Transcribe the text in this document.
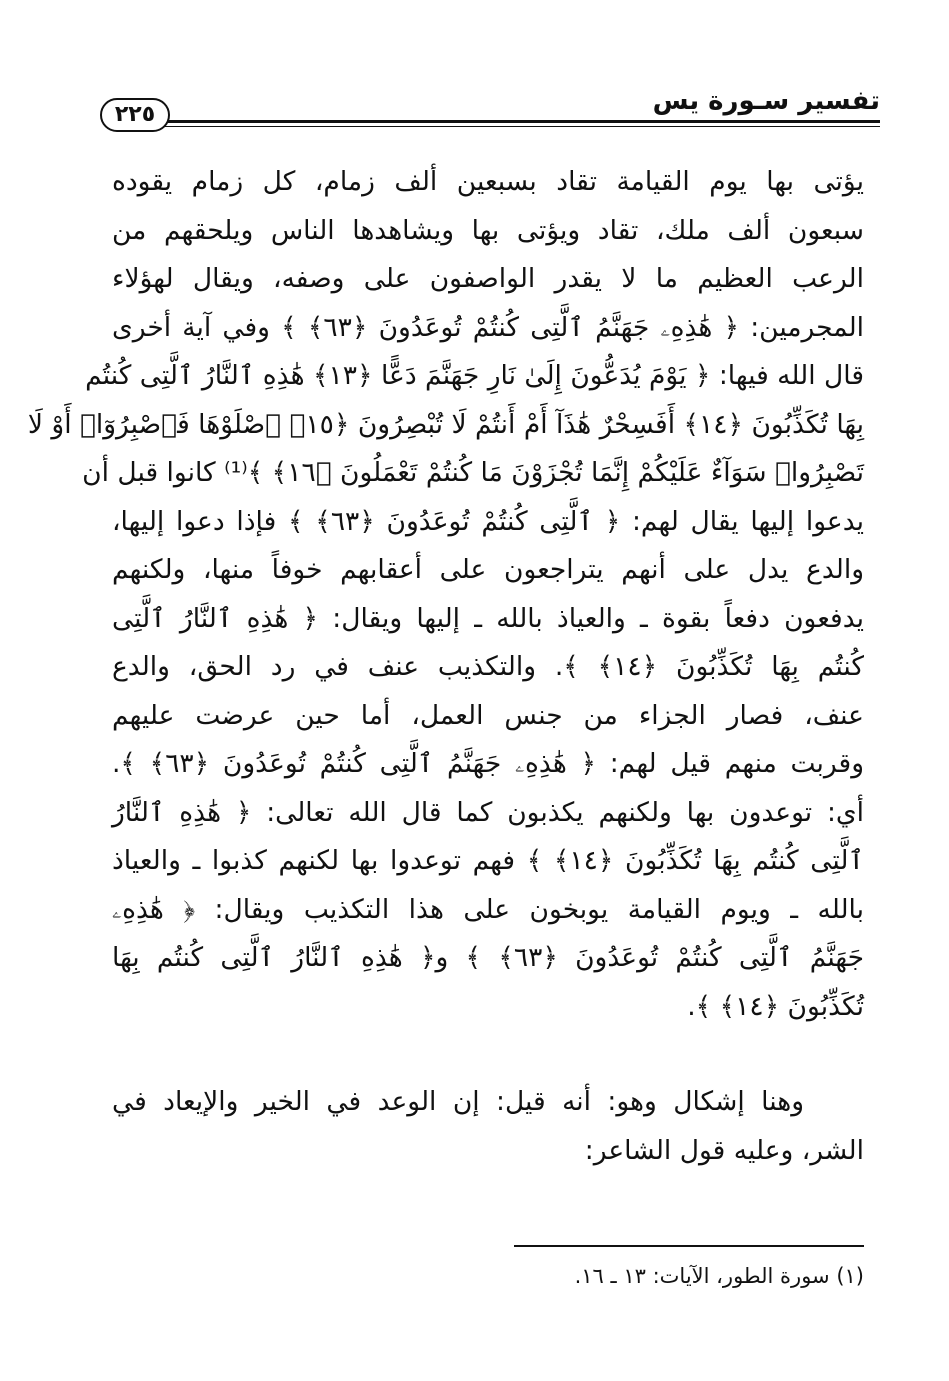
تفسير سـورة يس
٢٢٥
يؤتى بها يوم القيامة تقاد بسبعين ألف زمام، كل زمام يقوده
سبعون ألف ملك، تقاد ويؤتى بها ويشاهدها الناس ويلحقهم من
الرعب العظيم ما لا يقدر الواصفون على وصفه، ويقال لهؤلاء
المجرمين: ﴿ هَٰذِهِۦ جَهَنَّمُ ٱلَّتِى كُنتُمْ تُوعَدُونَ ﴿٦٣﴾ ﴾ وفي آية أخرى
قال الله فيها: ﴿ يَوْمَ يُدَعُّونَ إِلَىٰ نَارِ جَهَنَّمَ دَعًّا ﴿١٣﴾ هَٰذِهِ ٱلنَّارُ ٱلَّتِى كُنتُم
بِهَا تُكَذِّبُونَ ﴿١٤﴾ أَفَسِحْرٌ هَٰذَآ أَمْ أَنتُمْ لَا تُبْصِرُونَ ﴿١٥﴾ ٱصْلَوْهَا فَٱصْبِرُوٓا۟ أَوْ لَا
تَصْبِرُوا۟ سَوَآءٌ عَلَيْكُمْ إِنَّمَا تُجْزَوْنَ مَا كُنتُمْ تَعْمَلُونَ ﴿١٦﴾ ﴾⁽¹⁾ كانوا قبل أن
يدعوا إليها يقال لهم: ﴿ ٱلَّتِى كُنتُمْ تُوعَدُونَ ﴿٦٣﴾ ﴾ فإذا دعوا إليها،
والدع يدل على أنهم يتراجعون على أعقابهم خوفاً منها، ولكنهم
يدفعون دفعاً بقوة ـ والعياذ بالله ـ إليها ويقال: ﴿ هَٰذِهِ ٱلنَّارُ ٱلَّتِى
كُنتُم بِهَا تُكَذِّبُونَ ﴿١٤﴾ ﴾. والتكذيب عنف في رد الحق، والدع
عنف، فصار الجزاء من جنس العمل، أما حين عرضت عليهم
وقربت منهم قيل لهم: ﴿ هَٰذِهِۦ جَهَنَّمُ ٱلَّتِى كُنتُمْ تُوعَدُونَ ﴿٦٣﴾ ﴾.
أي: توعدون بها ولكنهم يكذبون كما قال الله تعالى: ﴿ هَٰذِهِ ٱلنَّارُ
ٱلَّتِى كُنتُم بِهَا تُكَذِّبُونَ ﴿١٤﴾ ﴾ فهم توعدوا بها لكنهم كذبوا ـ والعياذ
بالله ـ ويوم القيامة يوبخون على هذا التكذيب ويقال: ﴿ هَٰذِهِۦ
جَهَنَّمُ ٱلَّتِى كُنتُمْ تُوعَدُونَ ﴿٦٣﴾ ﴾ و﴿ هَٰذِهِ ٱلنَّارُ ٱلَّتِى كُنتُم بِهَا
تُكَذِّبُونَ ﴿١٤﴾ ﴾.
وهنا إشكال وهو: أنه قيل: إن الوعد في الخير والإيعاد في
الشر، وعليه قول الشاعر:
(١) سورة الطور، الآيات: ١٣ ـ ١٦.
